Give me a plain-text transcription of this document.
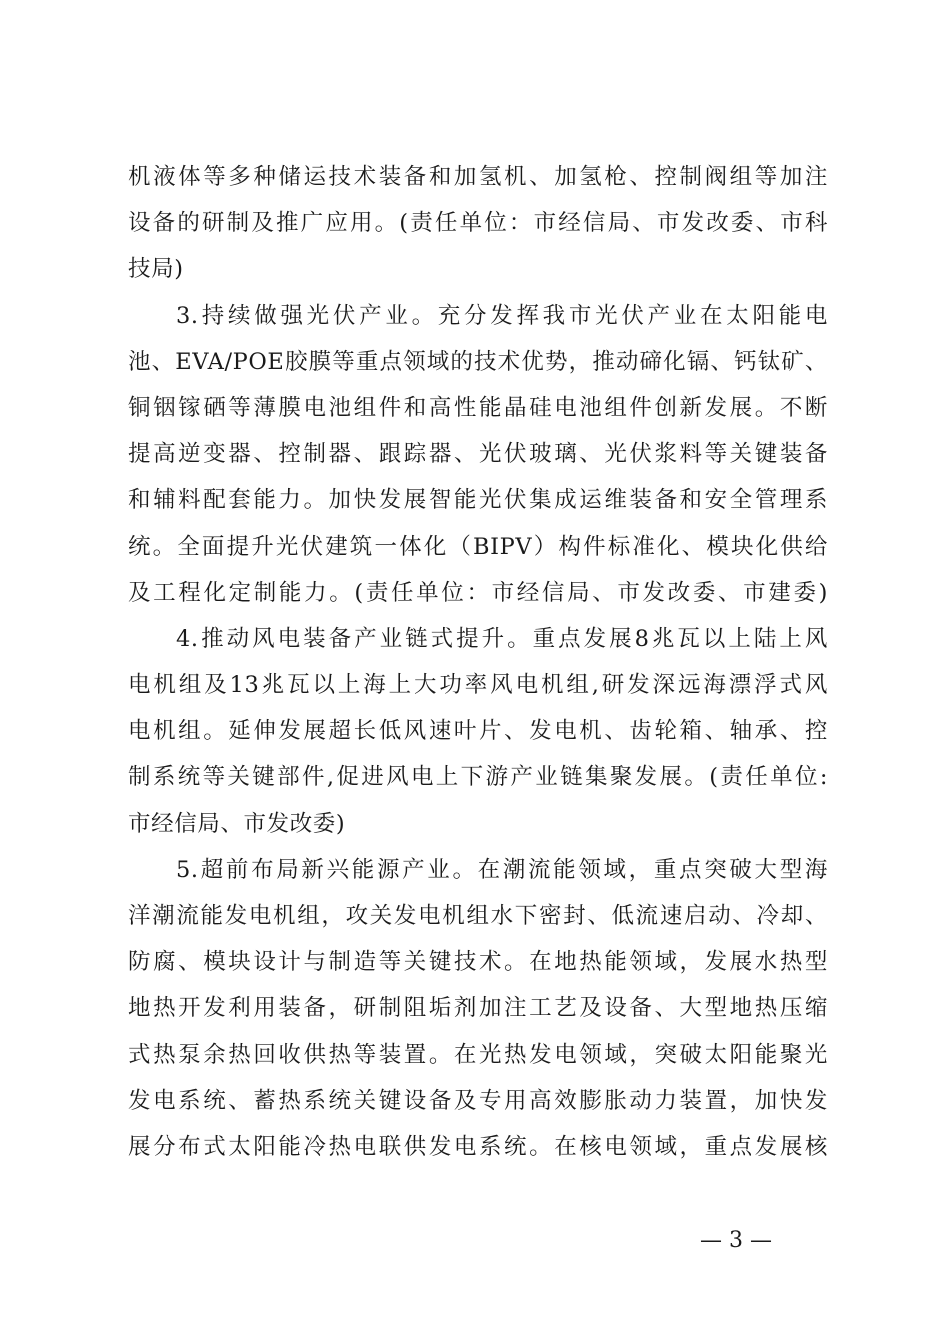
机液体等多种储运技术装备和加氢机、加氢枪、控制阀组等加注
设备的研制及推广应用。(责任单位：市经信局、市发改委、市科
技局)
3.持续做强光伏产业。充分发挥我市光伏产业在太阳能电
池、EVA/POE胶膜等重点领域的技术优势，推动碲化镉、钙钛矿、
铜铟镓硒等薄膜电池组件和高性能晶硅电池组件创新发展。不断
提高逆变器、控制器、跟踪器、光伏玻璃、光伏浆料等关键装备
和辅料配套能力。加快发展智能光伏集成运维装备和安全管理系
统。全面提升光伏建筑一体化（BIPV）构件标准化、模块化供给
及工程化定制能力。(责任单位：市经信局、市发改委、市建委)
4.推动风电装备产业链式提升。重点发展8兆瓦以上陆上风
电机组及13兆瓦以上海上大功率风电机组,研发深远海漂浮式风
电机组。延伸发展超长低风速叶片、发电机、齿轮箱、轴承、控
制系统等关键部件,促进风电上下游产业链集聚发展。(责任单位:
市经信局、市发改委)
5.超前布局新兴能源产业。在潮流能领域，重点突破大型海
洋潮流能发电机组，攻关发电机组水下密封、低流速启动、冷却、
防腐、模块设计与制造等关键技术。在地热能领域，发展水热型
地热开发利用装备，研制阻垢剂加注工艺及设备、大型地热压缩
式热泵余热回收供热等装置。在光热发电领域，突破太阳能聚光
发电系统、蓄热系统关键设备及专用高效膨胀动力装置，加快发
展分布式太阳能冷热电联供发电系统。在核电领域，重点发展核
— 3 —
